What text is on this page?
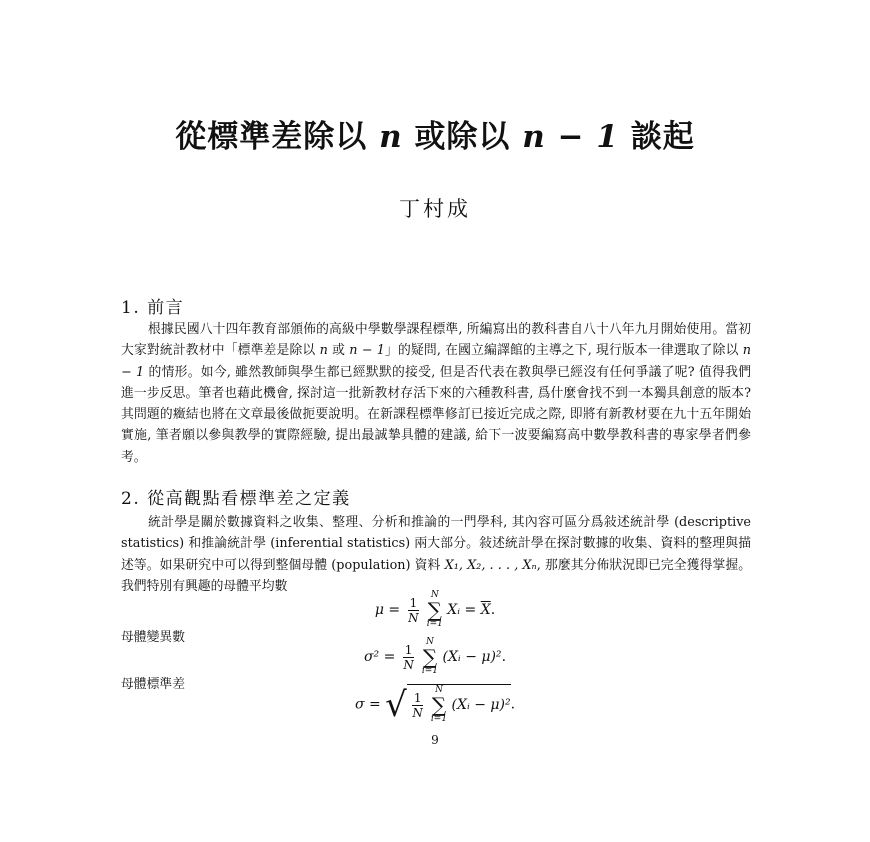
從標準差除以 n 或除以 n − 1 談起
丁村成
1. 前言

根據民國八十四年教育部頒佈的高級中學數學課程標準, 所編寫出的教科書自八十八年九月開始使用。當初大家對統計教材中「標準差是除以 n 或 n − 1」的疑問, 在國立編譯館的主導之下, 現行版本一律選取了除以 n − 1 的情形。如今, 雖然教師與學生都已經默默的接受, 但是否代表在教與學已經沒有任何爭議了呢? 值得我們進一步反思。筆者也藉此機會, 探討這一批新教材存活下來的六種教科書, 爲什麼會找不到一本獨具創意的版本? 其問題的癥結也將在文章最後做扼要說明。在新課程標準修訂已接近完成之際, 即將有新教材要在九十五年開始實施, 筆者願以參與教學的實際經驗, 提出最誠摯具體的建議, 給下一波要編寫高中數學教科書的專家學者們參考。

2. 從高觀點看標準差之定義

統計學是關於數據資料之收集、整理、分析和推論的一門學科, 其內容可區分爲敍述統計學 (descriptive statistics) 和推論統計學 (inferential statistics) 兩大部分。敍述統計學在探討數據的收集、資料的整理與描述等。如果研究中可以得到整個母體 (population) 資料 X₁, X₂, . . . , Xₙ, 那麼其分佈狀況即已完全獲得掌握。我們特別有興趣的母體平均數

$\mu = \frac{1}{N}$

N
∑
i=1
Xᵢ = $\overline{X}$.
母體變異數
$\sigma^2 = \frac{1}{N}$

N
∑
i=1
(Xᵢ − μ)².
母體標準差
σ = √ $\frac{1}{N}$

N
∑
i=1
(Xᵢ − μ)².
9
